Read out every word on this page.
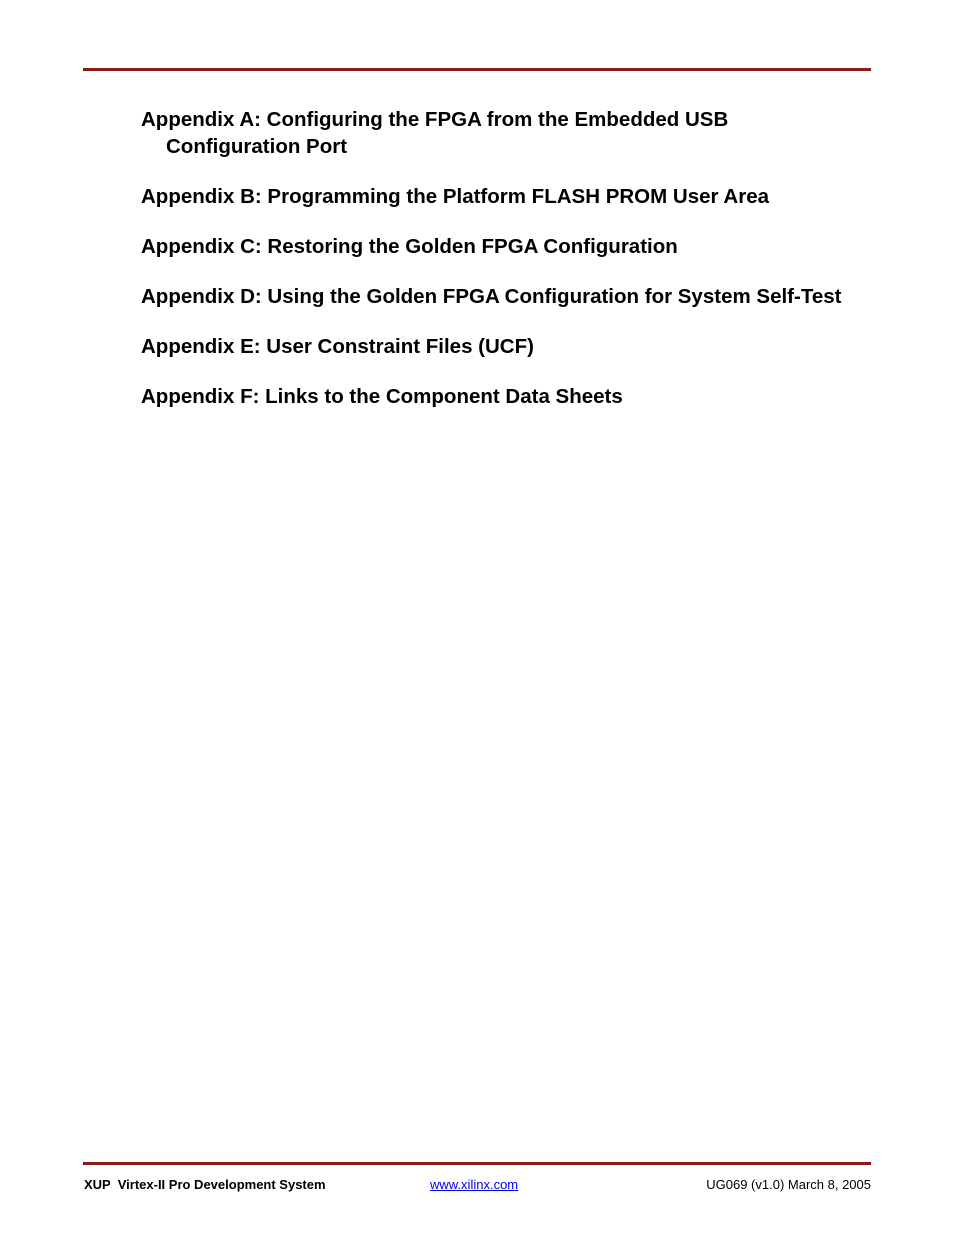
Appendix A: Configuring the FPGA from the Embedded USB Configuration Port
Appendix B: Programming the Platform FLASH PROM User Area
Appendix C: Restoring the Golden FPGA Configuration
Appendix D: Using the Golden FPGA Configuration for System Self-Test
Appendix E: User Constraint Files (UCF)
Appendix F: Links to the Component Data Sheets
XUP  Virtex-II Pro Development System	www.xilinx.com	UG069 (v1.0) March 8, 2005
